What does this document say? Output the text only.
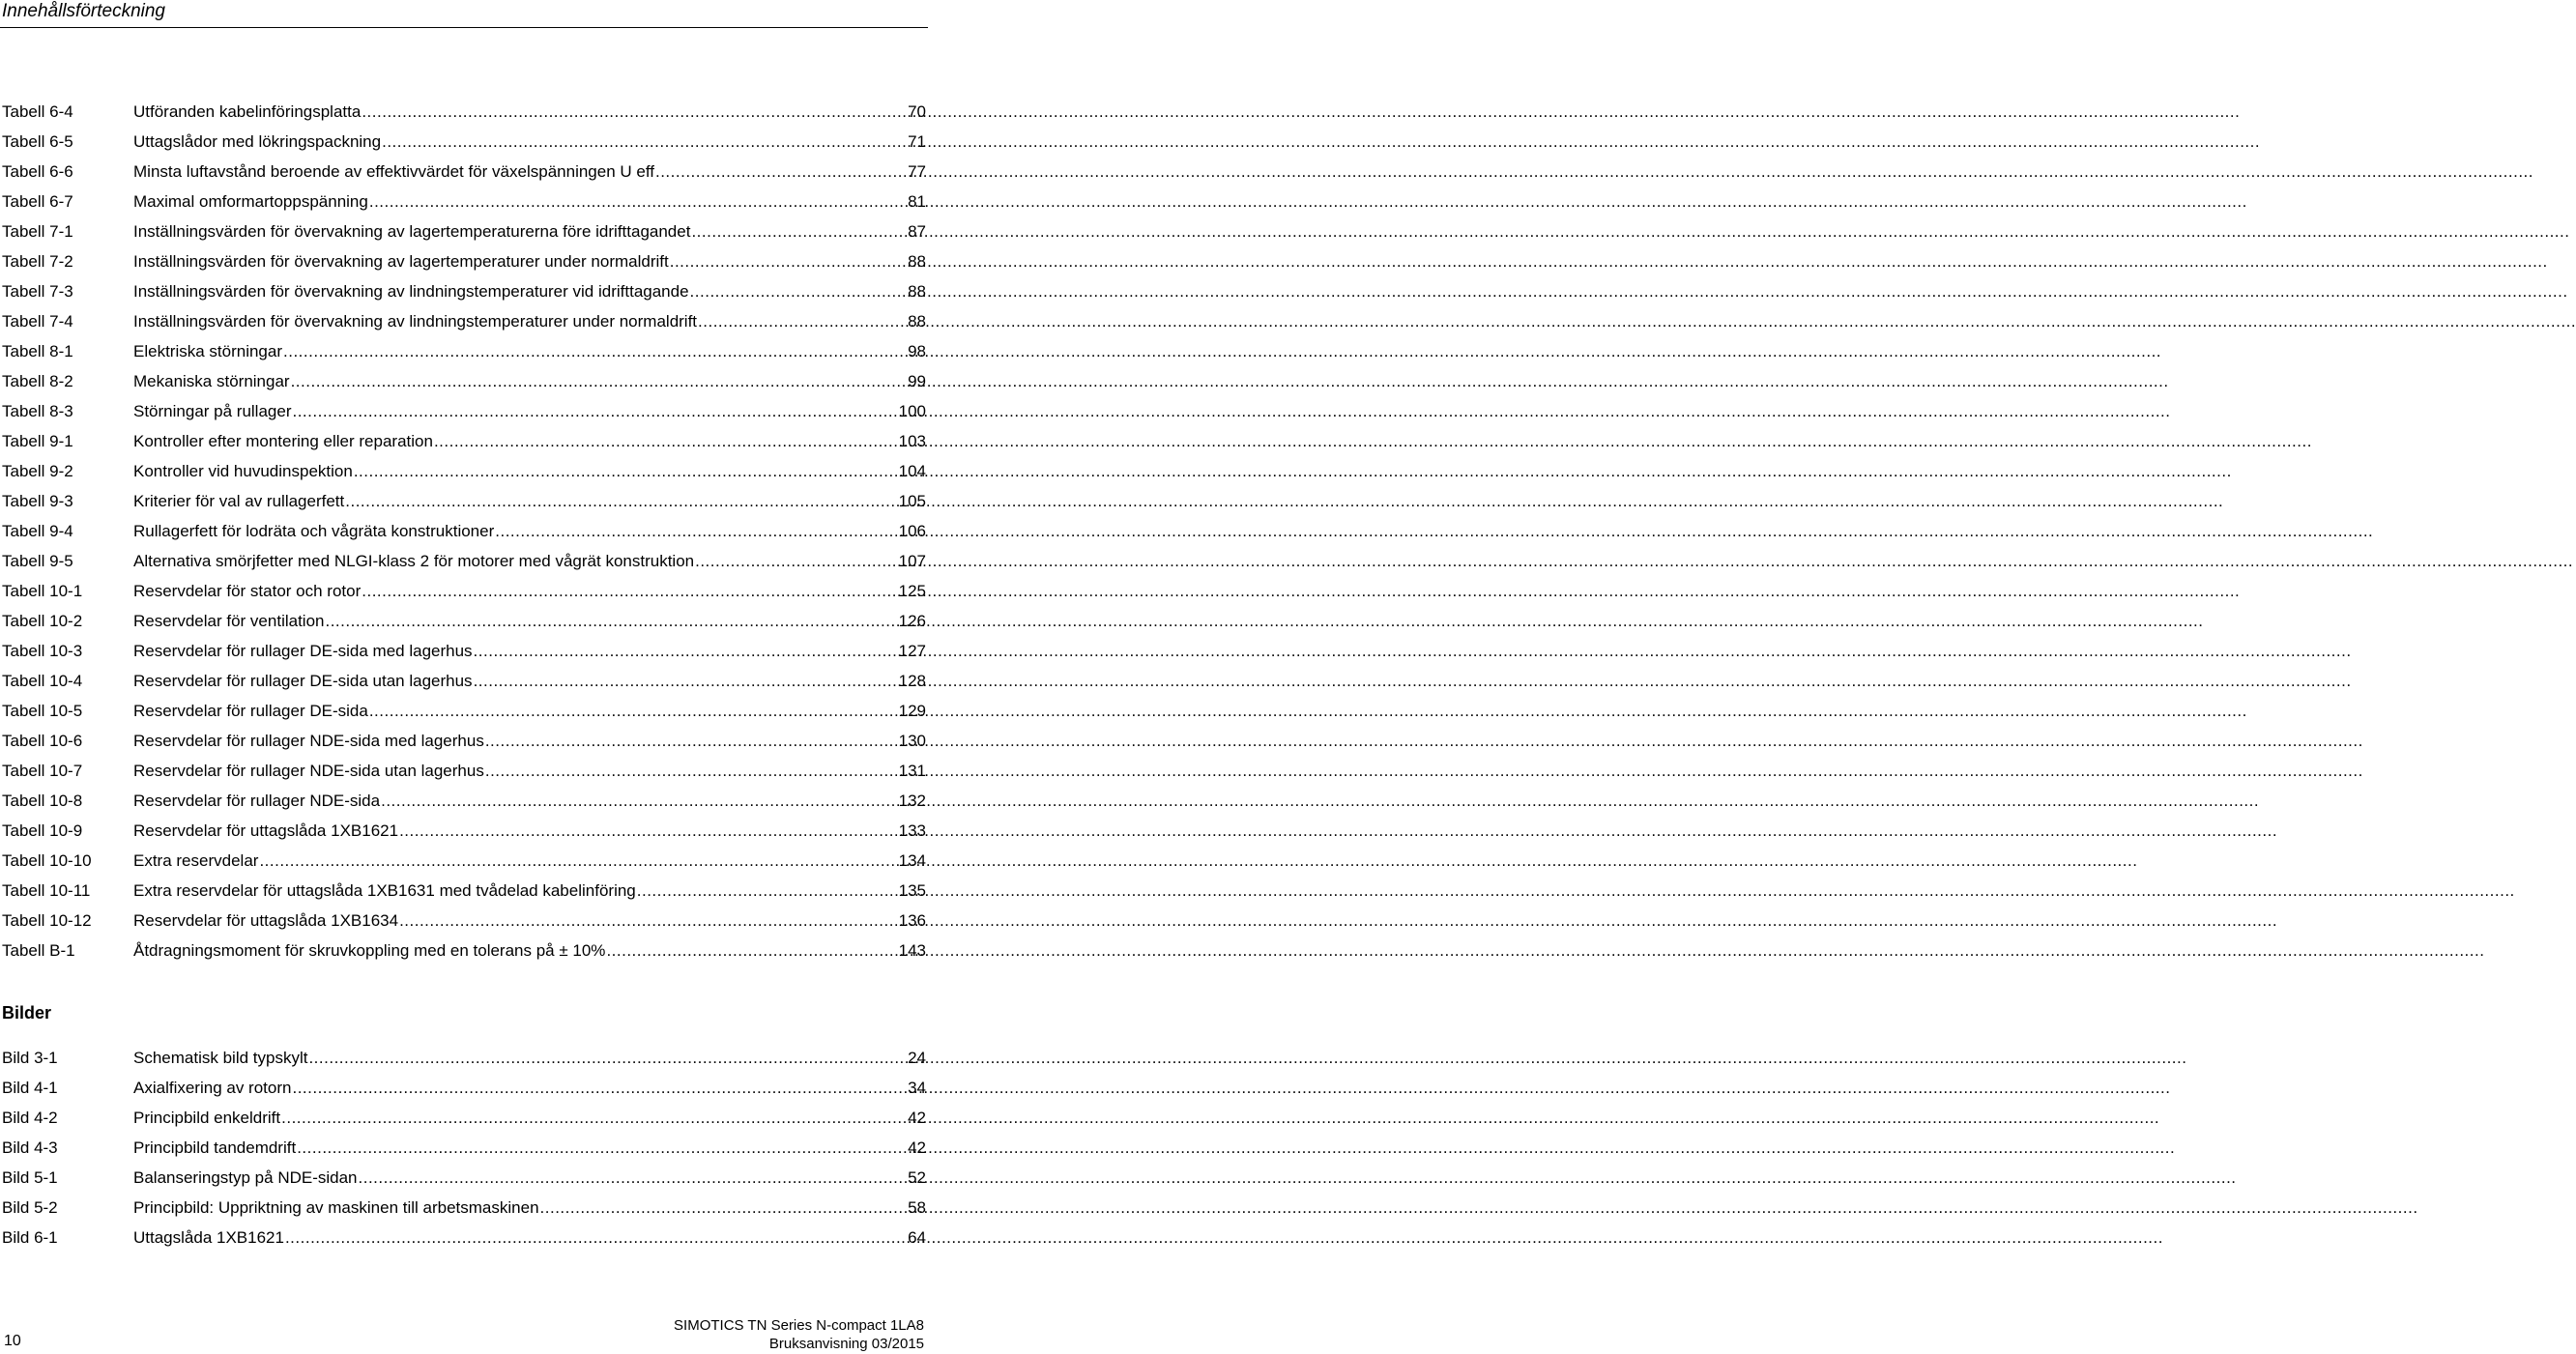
Innehållsförteckning
Tabell 6-4	Utföranden kabelinföringsplatta .....	70
Tabell 6-5	Uttagslådor med lökringspackning .....	71
Tabell 6-6	Minsta luftavstånd beroende av effektivvärdet för växelspänningen U eff .....	77
Tabell 6-7	Maximal omformartoppspänning .....	81
Tabell 7-1	Inställningsvärden för övervakning av lagertemperaturerna före idrifttagandet .....	87
Tabell 7-2	Inställningsvärden för övervakning av lagertemperaturer under normaldrift .....	88
Tabell 7-3	Inställningsvärden för övervakning av lindningstemperaturer vid idrifttagande .....	88
Tabell 7-4	Inställningsvärden för övervakning av lindningstemperaturer under normaldrift .....	88
Tabell 8-1	Elektriska störningar .....	98
Tabell 8-2	Mekaniska störningar .....	99
Tabell 8-3	Störningar på rullager .....	100
Tabell 9-1	Kontroller efter montering eller reparation .....	103
Tabell 9-2	Kontroller vid huvudinspektion .....	104
Tabell 9-3	Kriterier för val av rullagerfett .....	105
Tabell 9-4	Rullagerfett för lodräta och vågräta konstruktioner .....	106
Tabell 9-5	Alternativa smörjfetter med NLGI-klass 2 för motorer med vågrät konstruktion .....	107
Tabell 10-1	Reservdelar för stator och rotor .....	125
Tabell 10-2	Reservdelar för ventilation .....	126
Tabell 10-3	Reservdelar för rullager DE-sida med lagerhus .....	127
Tabell 10-4	Reservdelar för rullager DE-sida utan lagerhus .....	128
Tabell 10-5	Reservdelar för rullager DE-sida .....	129
Tabell 10-6	Reservdelar för rullager NDE-sida med lagerhus .....	130
Tabell 10-7	Reservdelar för rullager NDE-sida utan lagerhus .....	131
Tabell 10-8	Reservdelar för rullager NDE-sida .....	132
Tabell 10-9	Reservdelar för uttagslåda 1XB1621 .....	133
Tabell 10-10	Extra reservdelar .....	134
Tabell 10-11	Extra reservdelar för uttagslåda 1XB1631 med tvådelad kabelinföring .....	135
Tabell 10-12	Reservdelar för uttagslåda 1XB1634 .....	136
Tabell B-1	Åtdragningsmoment för skruvkoppling med en tolerans på ± 10% .....	143
Bilder
Bild 3-1	Schematisk bild typskylt .....	24
Bild 4-1	Axialfixering av rotorn .....	34
Bild 4-2	Principbild enkeldrift .....	42
Bild 4-3	Principbild tandemdrift .....	42
Bild 5-1	Balanseringstyp på NDE-sidan .....	52
Bild 5-2	Principbild: Uppriktning av maskinen till arbetsmaskinen .....	58
Bild 6-1	Uttagslåda 1XB1621 .....	64
10
SIMOTICS TN Series N-compact 1LA8
Bruksanvisning 03/2015
